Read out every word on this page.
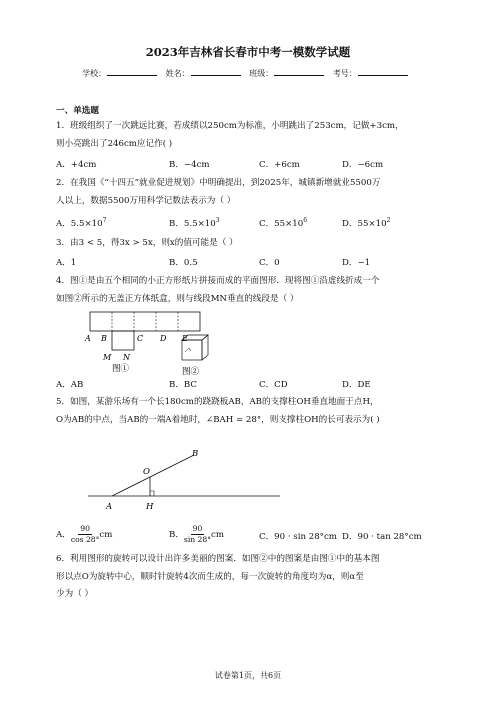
2023年吉林省长春市中考一模数学试题
学校：	姓名：	班级：	考号：
一、单选题
1．班级组织了一次跳远比赛，若成绩以250cm为标准，小明跳出了253cm，记做+3cm，
则小亮跳出了246cm应记作( )
A．+4cm	B．−4cm	C．+6cm	D．−6cm
2．在我国《“十四五”就业促进规划》中明确提出，到2025年，城镇新增就业5500万
人以上，数据5500万用科学记数法表示为（ ）
A．$5.5\times 10^7$	B．$5.5\times 10^3$	C．$55\times 10^6$	D．$55\times 10^2$
3．由3 < 5，得3x > 5x，则x的值可能是（ ）
A．1	B．0.5	C．0	D．−1
4．图①是由五个相同的小正方形纸片拼接而成的平面图形．现将图①沿虚线折成一个
如图②所示的无盖正方体纸盒，则与线段MN垂直的线段是（ ）
A B	C D E
M N
图①	图②
A．AB	B．BC	C．CD	D．DE
5．如图，某游乐场有一个长180cm的跷跷板AB，AB的支撑柱OH垂直地面于点H，
O为AB的中点，当AB的一端A着地时，∠BAH = 28°，则支撑柱OH的长可表示为( )
A
B
O
H
A． $\frac{90}{\cos 28^\circ}$ cm	B． $\frac{90}{\sin 28^\circ}$ cm	C．90 · sin 28°cm D．90 · tan 28°cm
6．利用图形的旋转可以设计出许多美丽的图案．如图②中的图案是由图①中的基本图
形以点O为旋转中心，顺时针旋转4次而生成的，每一次旋转的角度均为α，则α至
少为（ ）
试卷第1页，共6页
